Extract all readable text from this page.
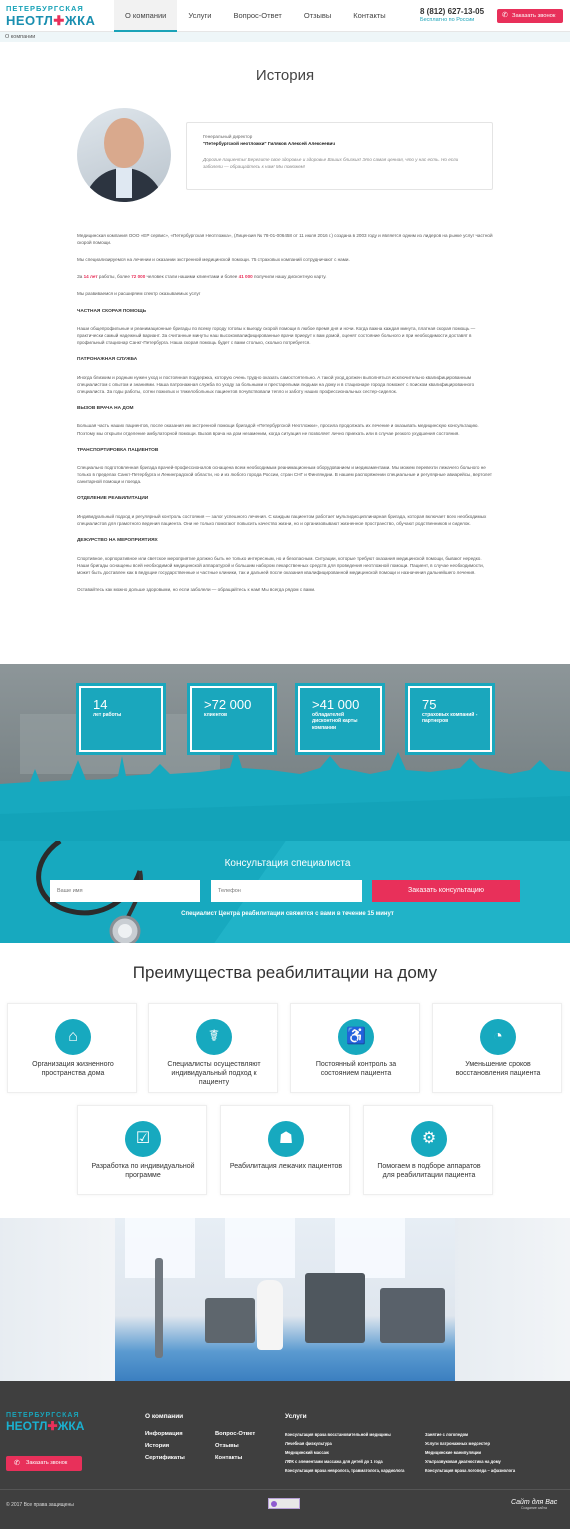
ПЕТЕРБУРГСКАЯ
НЕОТЛ✚ЖКА	О компании	Услуги	Вопрос-Ответ	Отзывы	Контакты	8 (812) 627-13-05
Бесплатно по России
✆ Заказать звонок
О компании
История
Генеральный директор
"Петербургской неотложки" Гиляков Алексей Алексеевич
Дорогие пациенты! Берегите свое здоровье и здоровье Ваших близких! Это самая ценная, что у нас есть. Но если заболели — обращайтесь к нам! Мы поможем!

Медицинская компания ООО «ЕР сервис», «Петербургская Неотложка», (Лицензия № 78-01-006458 от 11 июля 2016 г.) создана в 2003 году и является одним из лидеров на рынке услуг частной скорой помощи.

Мы специализируемся на лечении и оказании экстренной медицинской помощи. 75 страховых компаний сотрудничают с нами.

За 14 лет работы, более 72 000 человек стали нашими клиентами и более 41 000 получили нашу дисконтную карту.

Мы развиваемся и расширяем спектр оказываемых услуг

ЧАСТНАЯ СКОРАЯ ПОМОЩЬ

Наши общепрофильные и реанимационные бригады по всему городу готовы к выезду скорой помощи в любое время дня и ночи. Когда важна каждая минута, платная скорая помощь — практически самый надежный вариант. За считанные минуты наш высококвалифицированные врачи приедут к вам домой, оценят состояние больного и при необходимости доставят в профильный стационар Санкт-Петербурга. Наша скорая помощь будет с вами столько, сколько потребуется.

ПАТРОНАЖНАЯ СЛУЖБА

Иногда близким и родным нужен уход и постоянная поддержка, которую очень трудно оказать самостоятельно. А такой уход должен выполняться исключительно квалифицированным специалистом с опытом и знаниями. Наша патронажная служба по уходу за больными и престарелыми людьми на дому и в стационаре города поможет с поиском квалифицированного специалиста. За годы работы, сотни пожилых и тяжелобольных пациентов почувствовали тепло и заботу наших профессиональных сестер-сиделок.

ВЫЗОВ ВРАЧА НА ДОМ

Большая часть наших пациентов, после оказания им экстренной помощи бригадой «Петербургской Неотложки», просила продолжать их лечение и оказывать медицинскую консультацию. Поэтому мы открыли отделение амбулаторной помощи. Вызов врача на дом незаменим, когда ситуация не позволяет лично приехать или в случае резкого ухудшения состояния.

ТРАНСПОРТИРОВКА ПАЦИЕНТОВ

Специально подготовленная бригада врачей-профессионалов оснащена всем необходимым реанимационным оборудованием и медикаментами. Мы можем перевезти лежачего больного не только в пределах Санкт-Петербурга и Ленинградской области, но и из любого города России, стран СНГ и Финляндии. В нашем распоряжении специальные и регулярные авиарейсы, вертолет санитарной помощи и поезда.

ОТДЕЛЕНИЕ РЕАБИЛИТАЦИИ

Индивидуальный подход и регулярный контроль состояния — залог успешного лечения. С каждым пациентом работает мультидисциплинарная бригада, которая включает всех необходимых специалистов для грамотного ведения пациента. Они не только помогают повысить качество жизни, но и организовывают жизненное пространство, обучают родственников и сиделок.

ДЕЖУРСТВО НА МЕРОПРИЯТИЯХ

Спортивное, корпоративное или светское мероприятие должно быть не только интересным, но и безопасным. Ситуации, которые требуют оказания медицинской помощи, бывают нередко. Наши бригады оснащены всей необходимой медицинской аппаратурой и большим набором лекарственных средств для проведения неотложной помощи. Пациент, в случае необходимости, может быть доставлен как в ведущие государственные и частные клиники, так и дальней после оказания квалифицированной медицинской помощи и назначения дальнейшего лечения.

Оставайтесь как можно дольше здоровыми, но если заболели — обращайтесь к нам! Мы всегда рядом с вами.

14
лет работы
>72 000
клиентов
>41 000
обладателей дисконтной карты компании
75
страховых компаний - партнеров
Консультация специалиста
Ваше имя
Телефон
Заказать консультацию
Специалист Центра реабилитации свяжется с вами в течение 15 минут
Преимущества реабилитации на дому
⌂
Организация жизненного пространства дома
☤
Специалисты осуществляют индивидуальный подход к пациенту
♿
Постоянный контроль за состоянием пациента
◔
Уменьшение сроков восстановления пациента
☑
Разработка по индивидуальной программе
☗
Реабилитация лежачих пациентов
⚙
Помогаем в подборе аппаратов для реабилитации пациента
ПЕТЕРБУРГСКАЯ
НЕОТЛ✚ЖКА
✆ Заказать звонок
О компании
Информация	Вопрос-Ответ
История	Отзывы
Сертификаты	Контакты
Услуги
Консультация врача восстановительной медицины	Занятие с логопедом
Лечебная физкультура	Услуги патронажных медсестер
Медицинский массаж	Медицинские манипуляции
ЛФК с элементами массажа для детей до 1 года	Ультразвуковая диагностика на дому
Консультация врача невролога, травматолога, кардиолога	Консультация врача логопеда – афазиолога
© 2017 Все права защищены	Сайт для Вас
Создание сайта
